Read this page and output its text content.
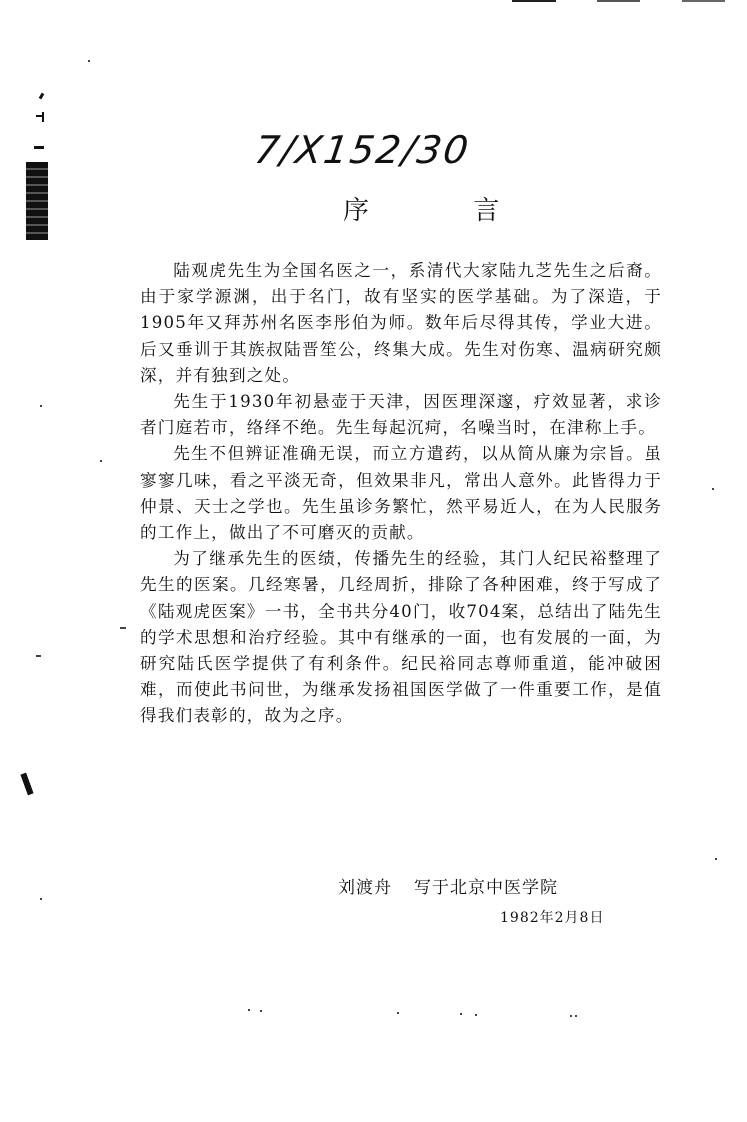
7/X152/30
序 言

陆观虎先生为全国名医之一，系清代大家陆九芝先生之后裔。由于家学源渊，出于名门，故有坚实的医学基础。为了深造，于1905年又拜苏州名医李彤伯为师。数年后尽得其传，学业大进。后又垂训于其族叔陆晋笙公，终集大成。先生对伤寒、温病研究颇深，并有独到之处。

先生于1930年初悬壶于天津，因医理深邃，疗效显著，求诊者门庭若市，络绎不绝。先生每起沉疴，名噪当时，在津称上手。

先生不但辨证准确无误，而立方遣药，以从简从廉为宗旨。虽寥寥几味，看之平淡无奇，但效果非凡，常出人意外。此皆得力于仲景、天士之学也。先生虽诊务繁忙，然平易近人，在为人民服务的工作上，做出了不可磨灭的贡献。

为了继承先生的医绩，传播先生的经验，其门人纪民裕整理了先生的医案。几经寒暑，几经周折，排除了各种困难，终于写成了《陆观虎医案》一书，全书共分40门，收704案，总结出了陆先生的学术思想和治疗经验。其中有继承的一面，也有发展的一面，为研究陆氏医学提供了有利条件。纪民裕同志尊师重道，能冲破困难，而使此书问世，为继承发扬祖国医学做了一件重要工作，是值得我们表彰的，故为之序。

刘渡舟 写于北京中医学院
1982年2月8日
